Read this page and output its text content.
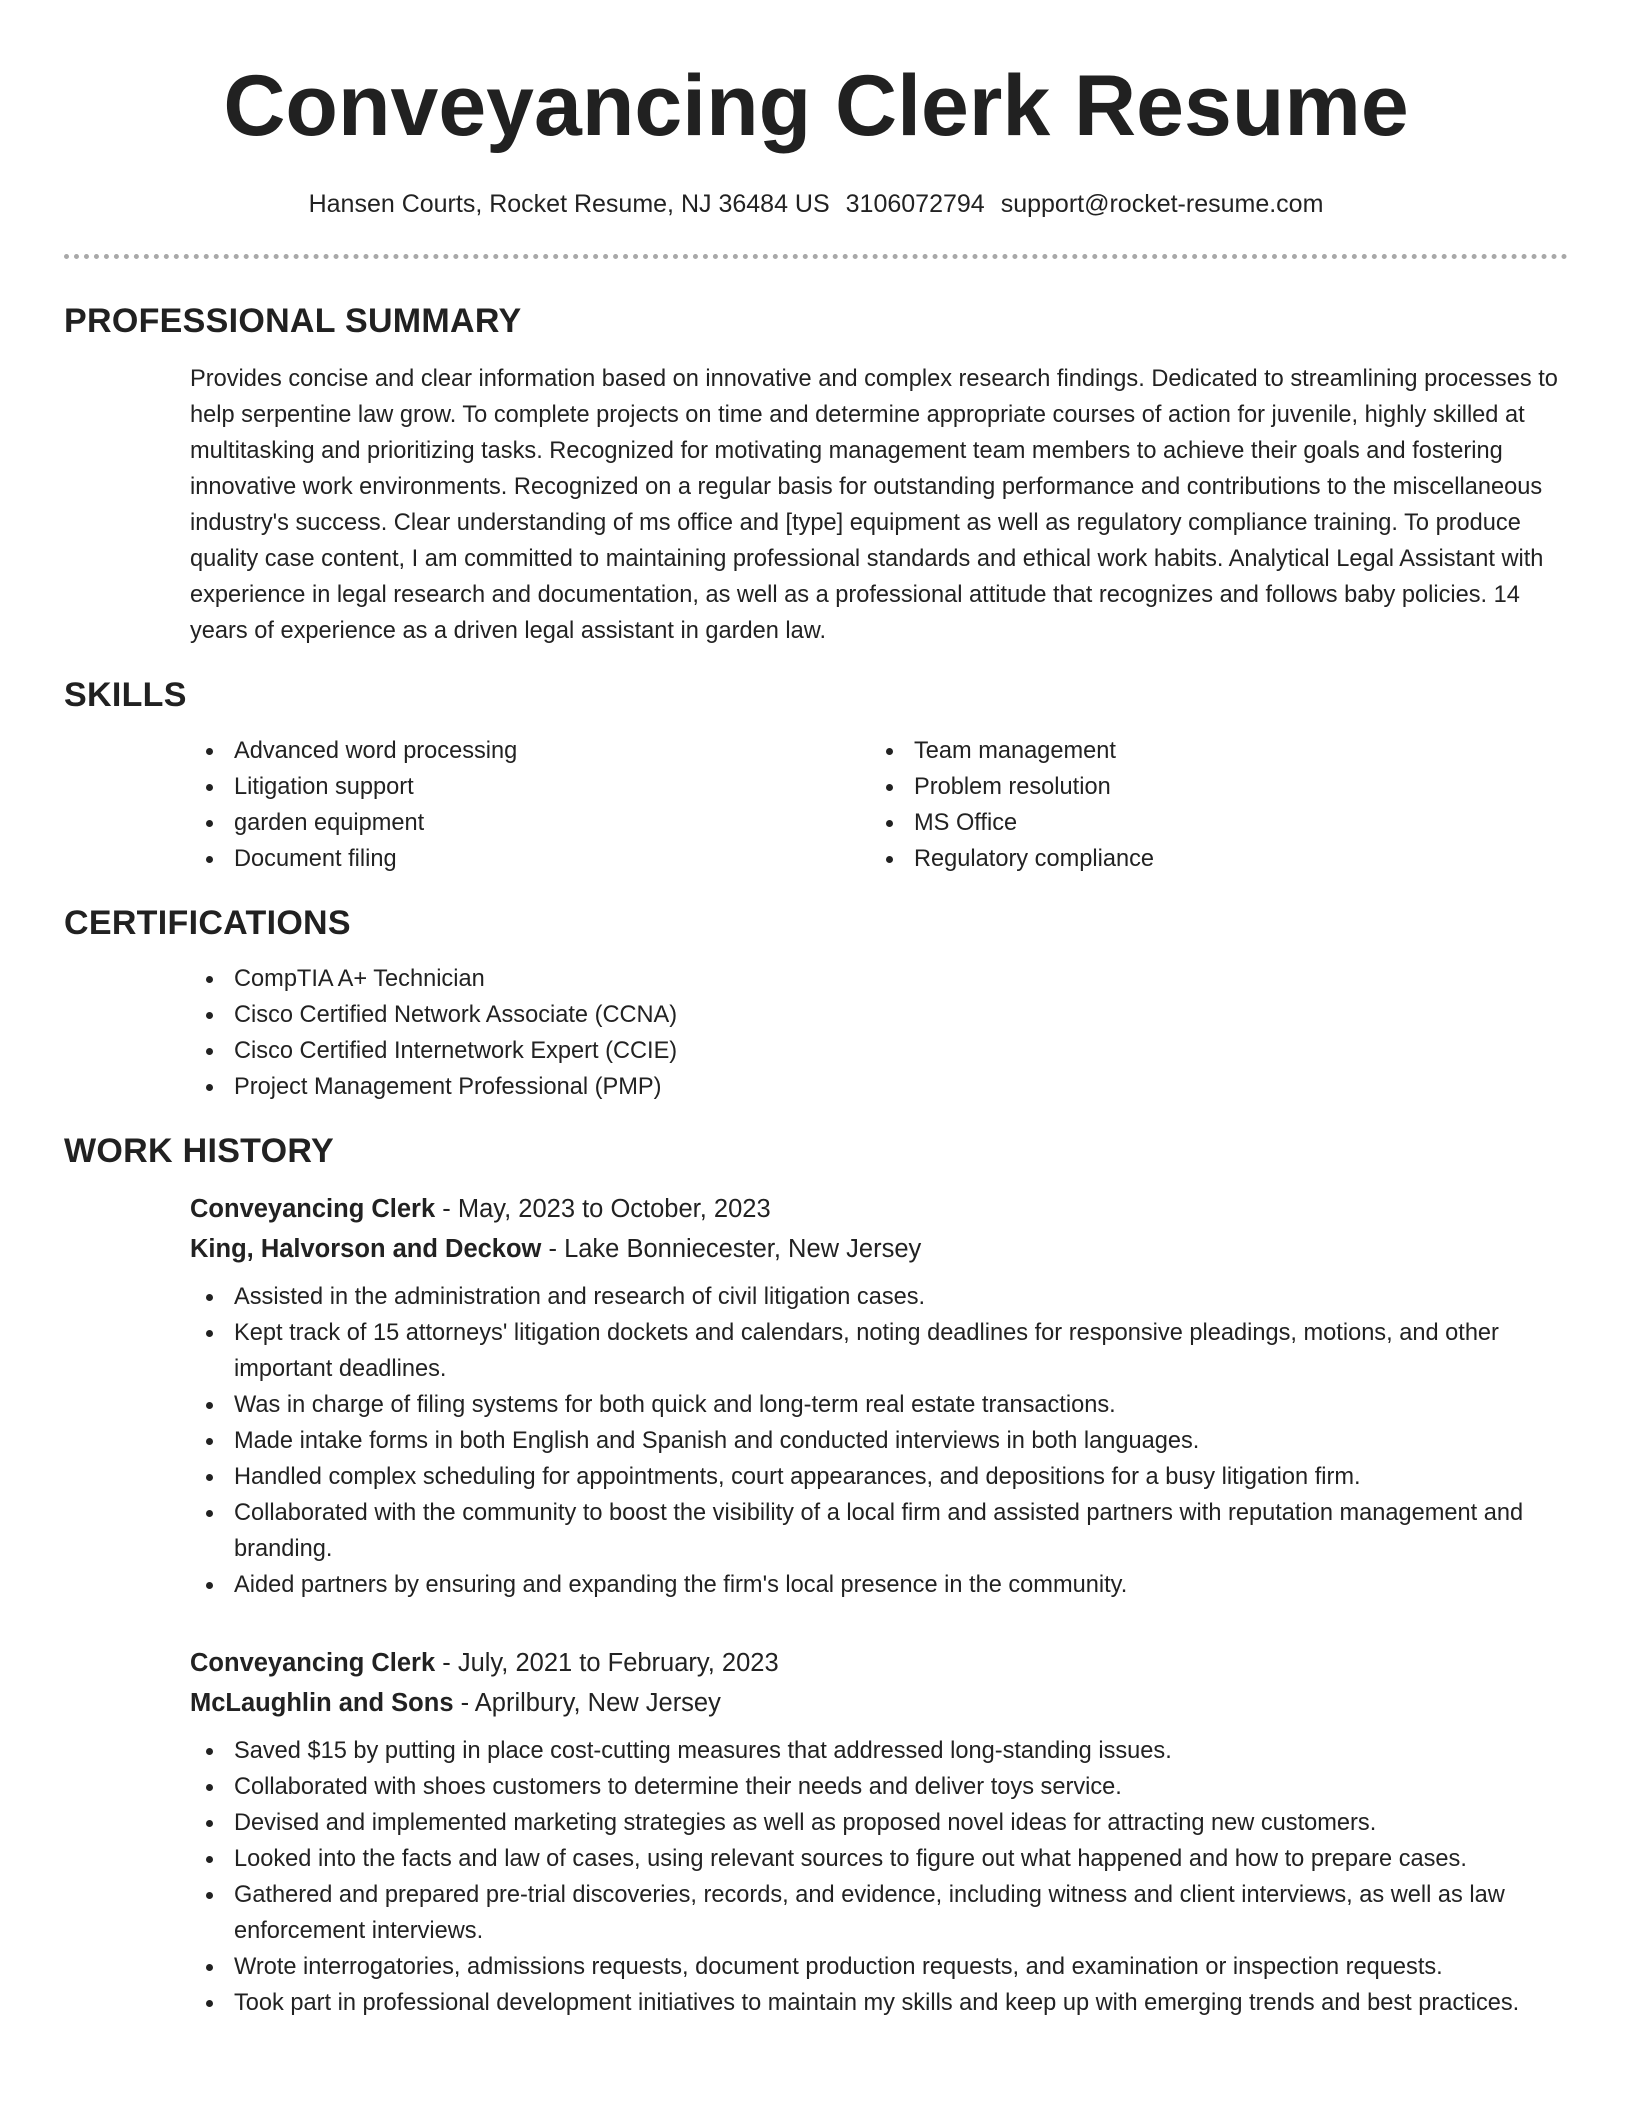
Conveyancing Clerk Resume
Hansen Courts, Rocket Resume, NJ 36484 US 3106072794 support@rocket-resume.com
PROFESSIONAL SUMMARY

Provides concise and clear information based on innovative and complex research findings. Dedicated to streamlining processes to help serpentine law grow. To complete projects on time and determine appropriate courses of action for juvenile, highly skilled at multitasking and prioritizing tasks. Recognized for motivating management team members to achieve their goals and fostering innovative work environments. Recognized on a regular basis for outstanding performance and contributions to the miscellaneous industry's success. Clear understanding of ms office and [type] equipment as well as regulatory compliance training. To produce quality case content, I am committed to maintaining professional standards and ethical work habits. Analytical Legal Assistant with experience in legal research and documentation, as well as a professional attitude that recognizes and follows baby policies. 14 years of experience as a driven legal assistant in garden law.

SKILLS
Advanced word processing
Litigation support
garden equipment
Document filing
Team management
Problem resolution
MS Office
Regulatory compliance
CERTIFICATIONS
CompTIA A+ Technician
Cisco Certified Network Associate (CCNA)
Cisco Certified Internetwork Expert (CCIE)
Project Management Professional (PMP)
WORK HISTORY
Conveyancing Clerk - May, 2023 to October, 2023
King, Halvorson and Deckow - Lake Bonniecester, New Jersey
Assisted in the administration and research of civil litigation cases.
Kept track of 15 attorneys' litigation dockets and calendars, noting deadlines for responsive pleadings, motions, and other important deadlines.
Was in charge of filing systems for both quick and long-term real estate transactions.
Made intake forms in both English and Spanish and conducted interviews in both languages.
Handled complex scheduling for appointments, court appearances, and depositions for a busy litigation firm.
Collaborated with the community to boost the visibility of a local firm and assisted partners with reputation management and branding.
Aided partners by ensuring and expanding the firm's local presence in the community.
Conveyancing Clerk - July, 2021 to February, 2023
McLaughlin and Sons - Aprilbury, New Jersey
Saved $15 by putting in place cost-cutting measures that addressed long-standing issues.
Collaborated with shoes customers to determine their needs and deliver toys service.
Devised and implemented marketing strategies as well as proposed novel ideas for attracting new customers.
Looked into the facts and law of cases, using relevant sources to figure out what happened and how to prepare cases.
Gathered and prepared pre-trial discoveries, records, and evidence, including witness and client interviews, as well as law enforcement interviews.
Wrote interrogatories, admissions requests, document production requests, and examination or inspection requests.
Took part in professional development initiatives to maintain my skills and keep up with emerging trends and best practices.
